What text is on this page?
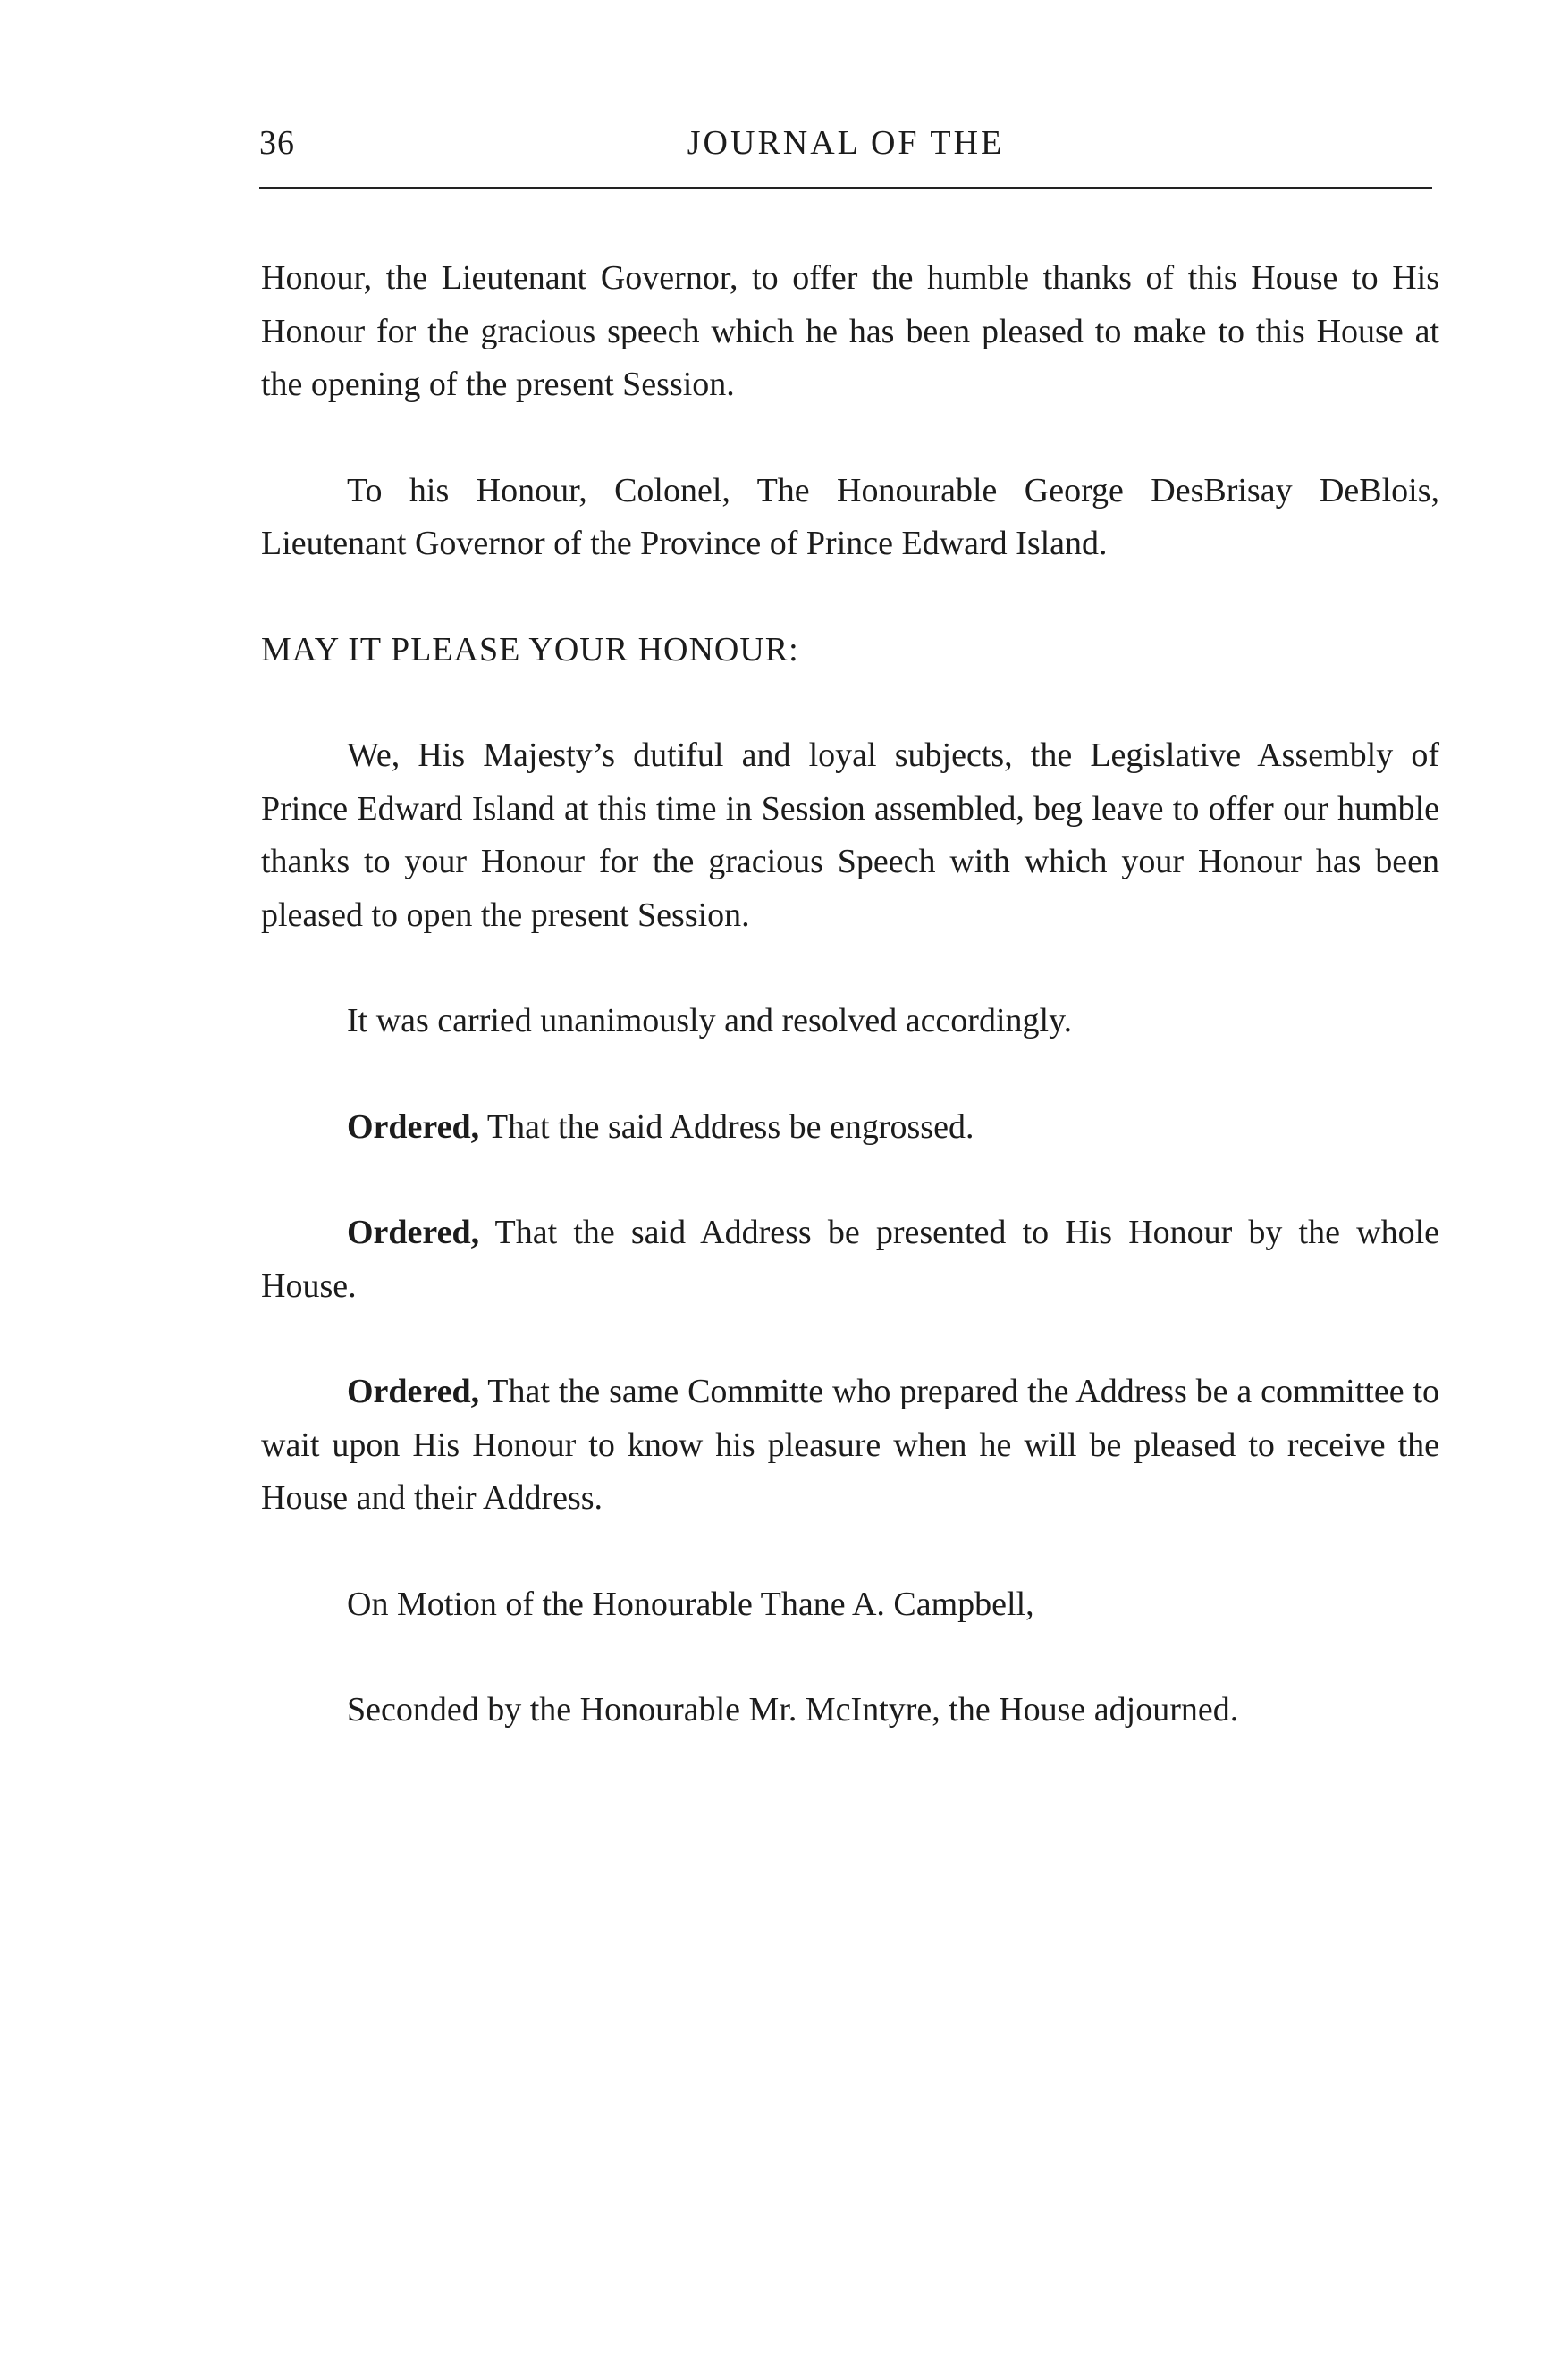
36	JOURNAL OF THE

Honour, the Lieutenant Governor, to offer the humble thanks of this House to His Honour for the gracious speech which he has been pleased to make to this House at the opening of the present Session.

To his Honour, Colonel, The Honourable George DesBrisay DeBlois, Lieutenant Governor of the Province of Prince Edward Island.

MAY IT PLEASE YOUR HONOUR:

We, His Majesty’s dutiful and loyal subjects, the Legislative Assembly of Prince Edward Island at this time in Session assembled, beg leave to offer our humble thanks to your Honour for the gracious Speech with which your Honour has been pleased to open the present Session.

It was carried unanimously and resolved accordingly.

Ordered, That the said Address be engrossed.

Ordered, That the said Address be presented to His Honour by the whole House.

Ordered, That the same Committe who prepared the Address be a committee to wait upon His Honour to know his pleasure when he will be pleased to receive the House and their Address.

On Motion of the Honourable Thane A. Campbell,

Seconded by the Honourable Mr. McIntyre, the House adjourned.
